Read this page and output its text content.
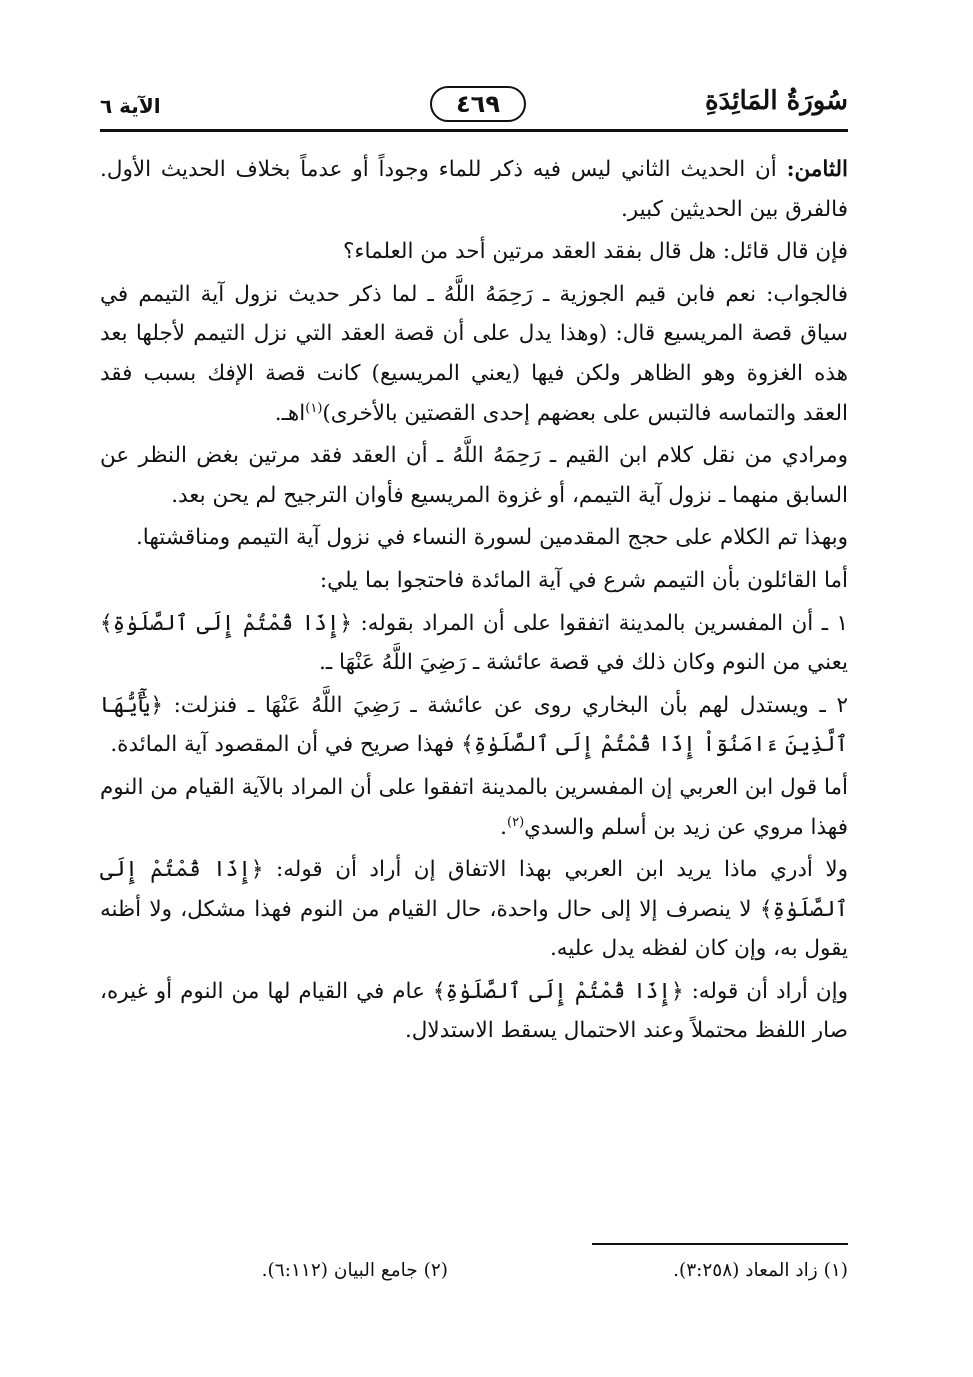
سُورَةُ المَائِدَةِ
٤٦٩
الآية ٦

الثامن: أن الحديث الثاني ليس فيه ذكر للماء وجوداً أو عدماً بخلاف الحديث الأول. فالفرق بين الحديثين كبير.

فإن قال قائل: هل قال بفقد العقد مرتين أحد من العلماء؟

فالجواب: نعم فابن قيم الجوزية ـ رَحِمَهُ اللَّهُ ـ لما ذكر حديث نزول آية التيمم في سياق قصة المريسيع قال: (وهذا يدل على أن قصة العقد التي نزل التيمم لأجلها بعد هذه الغزوة وهو الظاهر ولكن فيها (يعني المريسيع) كانت قصة الإفك بسبب فقد العقد والتماسه فالتبس على بعضهم إحدى القصتين بالأخرى)$^{(١)}$اهـ.

ومرادي من نقل كلام ابن القيم ـ رَحِمَهُ اللَّهُ ـ أن العقد فقد مرتين بغض النظر عن السابق منهما ـ نزول آية التيمم، أو غزوة المريسيع فأوان الترجيح لم يحن بعد.

وبهذا تم الكلام على حجج المقدمين لسورة النساء في نزول آية التيمم ومناقشتها.

أما القائلون بأن التيمم شرع في آية المائدة فاحتجوا بما يلي:

١ ـ أن المفسرين بالمدينة اتفقوا على أن المراد بقوله: ﴿إِذَا قُمْتُمْ إِلَى ٱلصَّلَوٰةِ﴾ يعني من النوم وكان ذلك في قصة عائشة ـ رَضِيَ اللَّهُ عَنْهَا ـ.

٢ ـ ويستدل لهم بأن البخاري روى عن عائشة ـ رَضِيَ اللَّهُ عَنْهَا ـ فنزلت: ﴿يَٰٓأَيُّهَا ٱلَّذِينَ ءَامَنُوٓاْ إِذَا قُمْتُمْ إِلَى ٱلصَّلَوٰةِ﴾ فهذا صريح في أن المقصود آية المائدة.

أما قول ابن العربي إن المفسرين بالمدينة اتفقوا على أن المراد بالآية القيام من النوم فهذا مروي عن زيد بن أسلم والسدي$^{(٢)}$.

ولا أدري ماذا يريد ابن العربي بهذا الاتفاق إن أراد أن قوله: ﴿إِذَا قُمْتُمْ إِلَى ٱلصَّلَوٰةِ﴾ لا ينصرف إلا إلى حال واحدة، حال القيام من النوم فهذا مشكل، ولا أظنه يقول به، وإن كان لفظه يدل عليه.

وإن أراد أن قوله: ﴿إِذَا قُمْتُمْ إِلَى ٱلصَّلَوٰةِ﴾ عام في القيام لها من النوم أو غيره، صار اللفظ محتملاً وعند الاحتمال يسقط الاستدلال.

(١) زاد المعاد (٣:٢٥٨).
(٢) جامع البيان (٦:١١٢).
